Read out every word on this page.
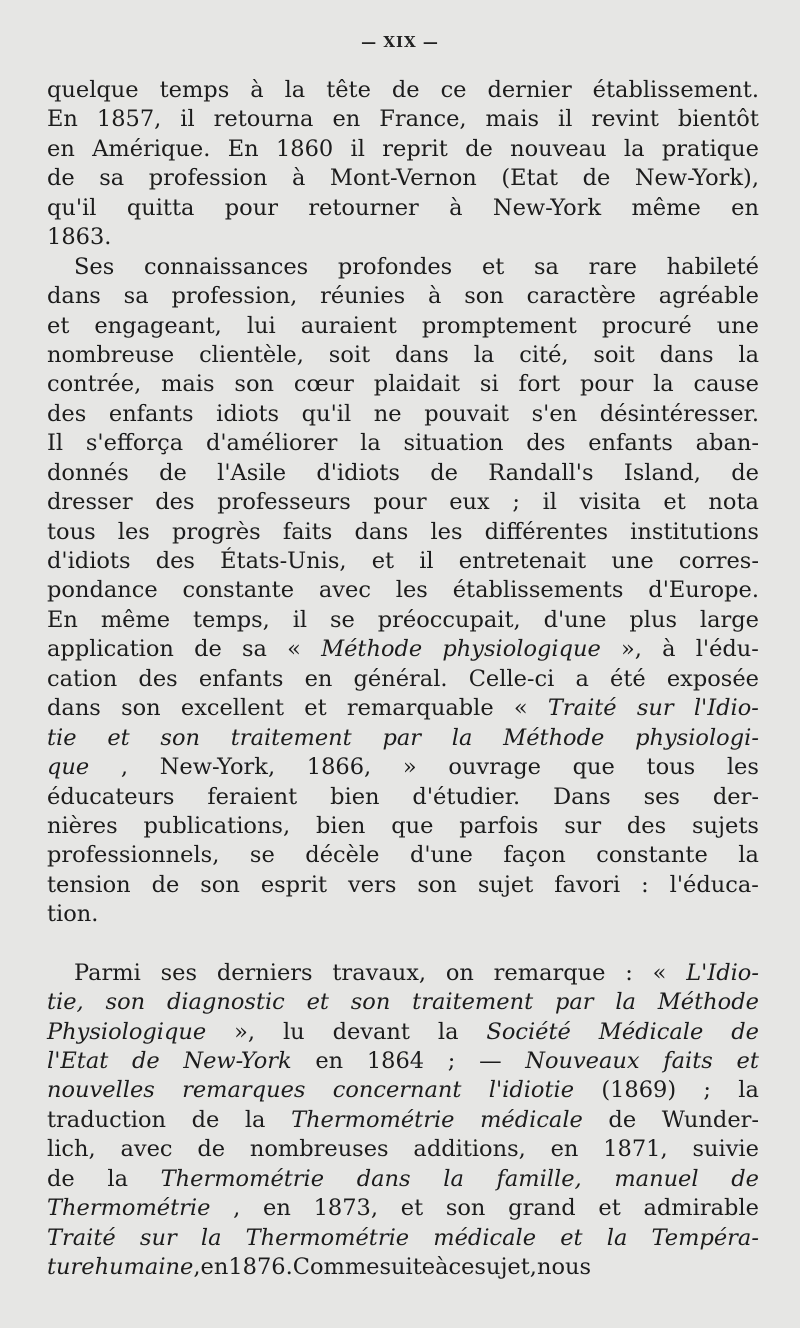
— XIX —
quelque temps à la tête de ce dernier établissement.
En 1857, il retourna en France, mais il revint bientôt
en Amérique. En 1860 il reprit de nouveau la pratique
de sa profession à Mont-Vernon (Etat de New-York),
qu'il quitta pour retourner à New-York même en
1863.
Ses connaissances profondes et sa rare habileté
dans sa profession, réunies à son caractère agréable
et engageant, lui auraient promptement procuré une
nombreuse clientèle, soit dans la cité, soit dans la
contrée, mais son cœur plaidait si fort pour la cause
des enfants idiots qu'il ne pouvait s'en désintéresser.
Il s'efforça d'améliorer la situation des enfants aban-
donnés de l'Asile d'idiots de Randall's Island, de
dresser des professeurs pour eux ; il visita et nota
tous les progrès faits dans les différentes institutions
d'idiots des États-Unis, et il entretenait une corres-
pondance constante avec les établissements d'Europe.
En même temps, il se préoccupait, d'une plus large
application de sa « Méthode physiologique », à l'édu-
cation des enfants en général. Celle-ci a été exposée
dans son excellent et remarquable « Traité sur l'Idio-
tie et son traitement par la Méthode physiologi-
que , New-York, 1866, » ouvrage que tous les
éducateurs feraient bien d'étudier. Dans ses der-
nières publications, bien que parfois sur des sujets
professionnels, se décèle d'une façon constante la
tension de son esprit vers son sujet favori : l'éduca-
tion.
Parmi ses derniers travaux, on remarque : « L'Idio-
tie, son diagnostic et son traitement par la Méthode
Physiologique », lu devant la Société Médicale de
l'Etat de New-York en 1864 ; — Nouveaux faits et
nouvelles remarques concernant l'idiotie (1869) ; la
traduction de la Thermométrie médicale de Wunder-
lich, avec de nombreuses additions, en 1871, suivie
de la Thermométrie dans la famille, manuel de
Thermométrie , en 1873, et son grand et admirable
Traité sur la Thermométrie médicale et la Tempéra-
ture humaine , en 1876. Comme suite à ce sujet, nous
